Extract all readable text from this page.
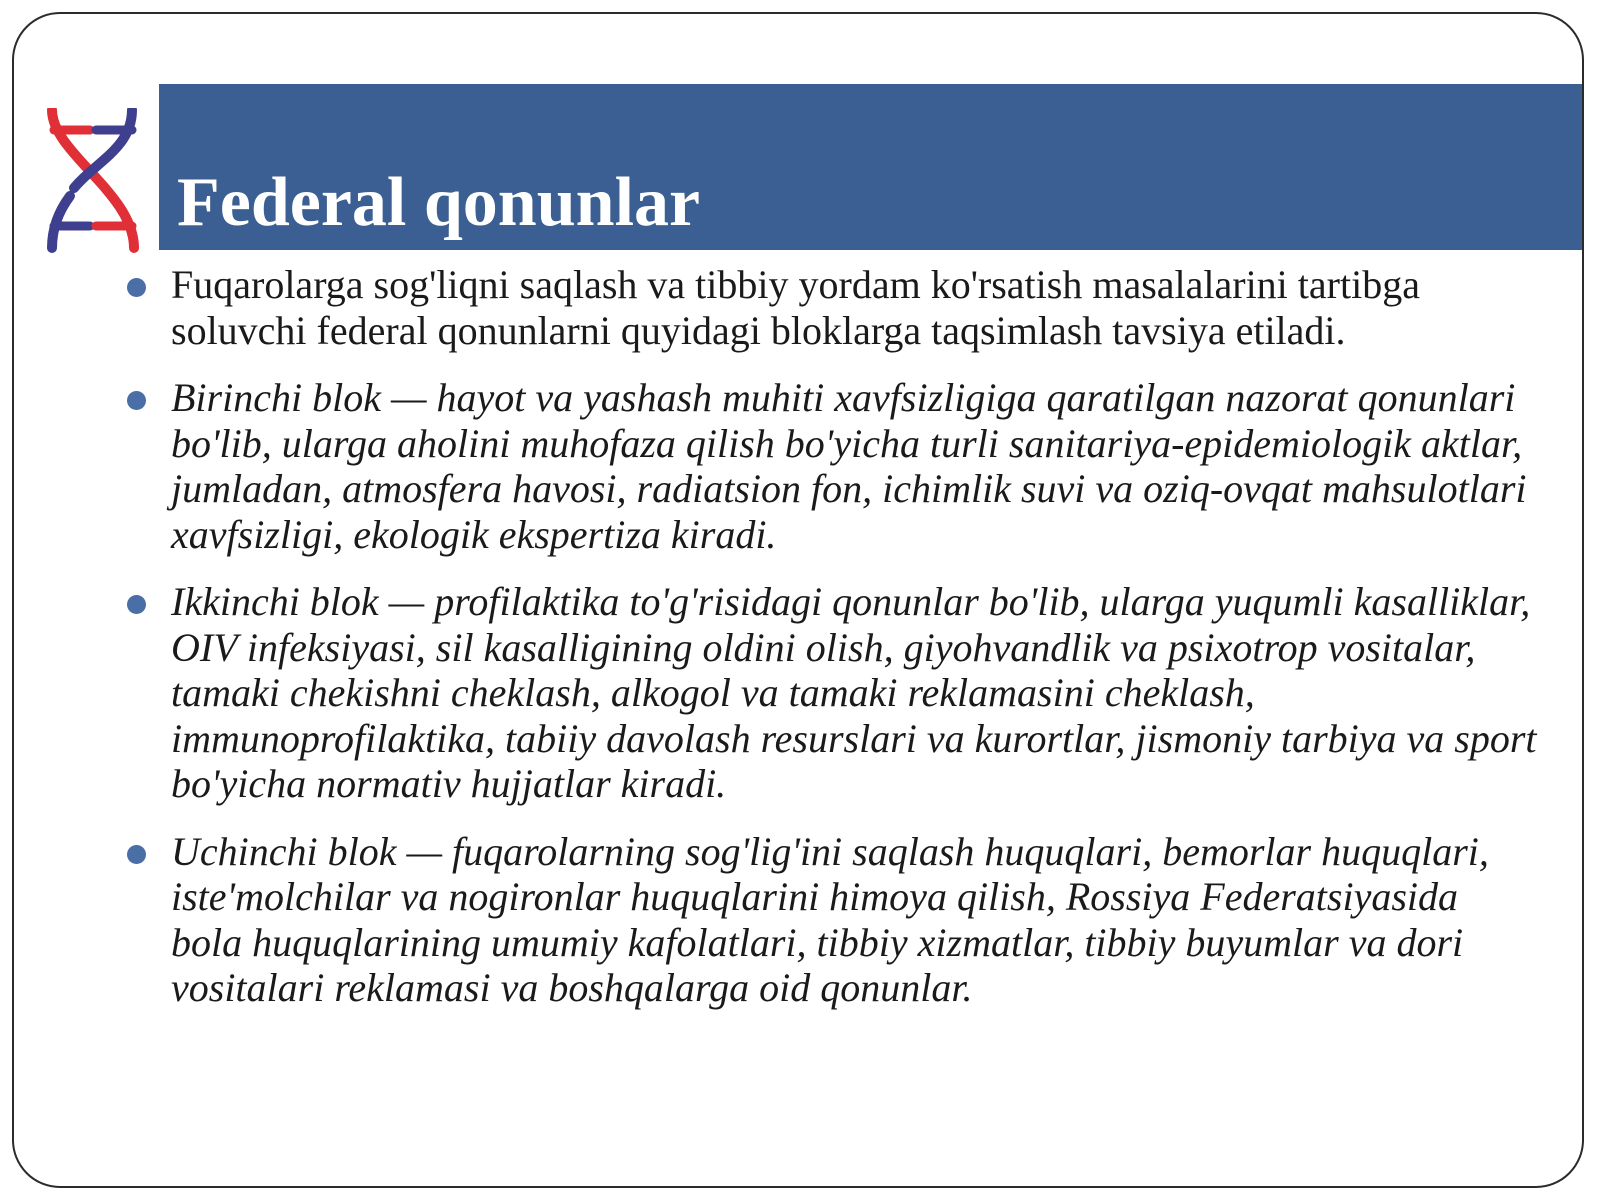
Federal qonunlar
Fuqarolarga sog'liqni saqlash va tibbiy yordam ko'rsatish masalalarini tartibga soluvchi federal qonunlarni quyidagi bloklarga taqsimlash tavsiya etiladi.
Birinchi blok — hayot va yashash muhiti xavfsizligiga qaratilgan nazorat qonunlari bo'lib, ularga aholini muhofaza qilish bo'yicha turli sanitariya-epidemiologik aktlar, jumladan, atmosfera havosi, radiatsion fon, ichimlik suvi va oziq-ovqat mahsulotlari xavfsizligi, ekologik ekspertiza kiradi.
Ikkinchi blok — profilaktika to'g'risidagi qonunlar bo'lib, ularga yuqumli kasalliklar, OIV infeksiyasi, sil kasalligining oldini olish, giyohvandlik va psixotrop vositalar, tamaki chekishni cheklash, alkogol va tamaki reklamasini cheklash, immunoprofilaktika, tabiiy davolash resurslari va kurortlar, jismoniy tarbiya va sport bo'yicha normativ hujjatlar kiradi.
Uchinchi blok — fuqarolarning sog'lig'ini saqlash huquqlari, bemorlar huquqlari, iste'molchilar va nogironlar huquqlarini himoya qilish, Rossiya Federatsiyasida bola huquqlarining umumiy kafolatlari, tibbiy xizmatlar, tibbiy buyumlar va dori vositalari reklamasi va boshqalarga oid qonunlar.
